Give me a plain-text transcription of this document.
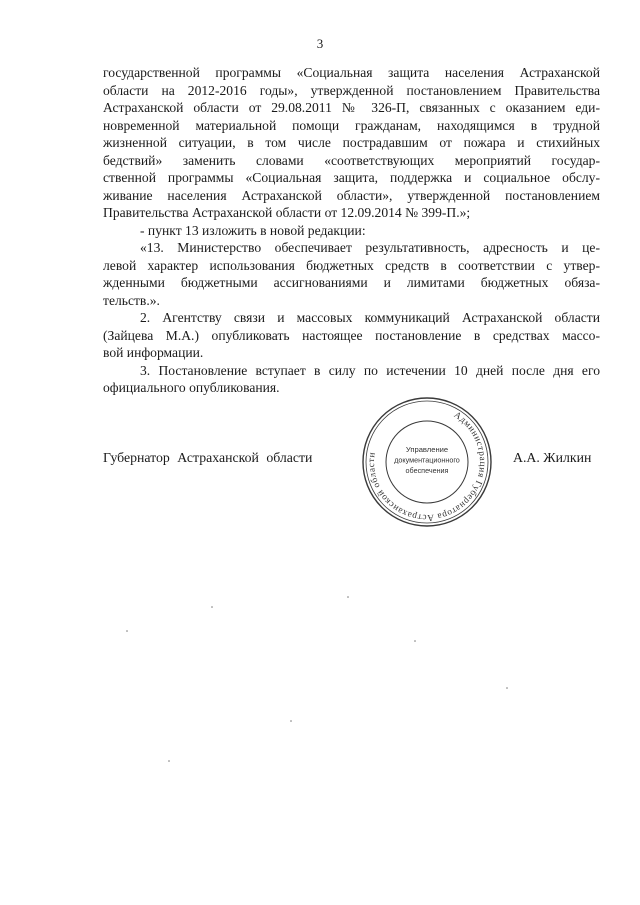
3
государственной программы «Социальная защита населения Астраханской
области на 2012-2016 годы», утвержденной постановлением Правительства
Астраханской области от 29.08.2011 № 326-П, связанных с оказанием еди-
новременной материальной помощи гражданам, находящимся в трудной
жизненной ситуации, в том числе пострадавшим от пожара и стихийных
бедствий» заменить словами «соответствующих мероприятий государ-
ственной программы «Социальная защита, поддержка и социальное обслу-
живание населения Астраханской области», утвержденной постановлением
Правительства Астраханской области от 12.09.2014 № 399-П.»;
- пункт 13 изложить в новой редакции:
«13. Министерство обеспечивает результативность, адресность и це-
левой характер использования бюджетных средств в соответствии с утвер-
жденными бюджетными ассигнованиями и лимитами бюджетных обяза-
тельств.».
2. Агентству связи и массовых коммуникаций Астраханской области
(Зайцева М.А.) опубликовать настоящее постановление в средствах массо-
вой информации.
3. Постановление вступает в силу по истечении 10 дней после дня его
официального опубликования.
Губернатор Астраханской области	А.А. Жилкин
Администрация Губернатора Астраханской области
Управление
документационного
обеспечения
